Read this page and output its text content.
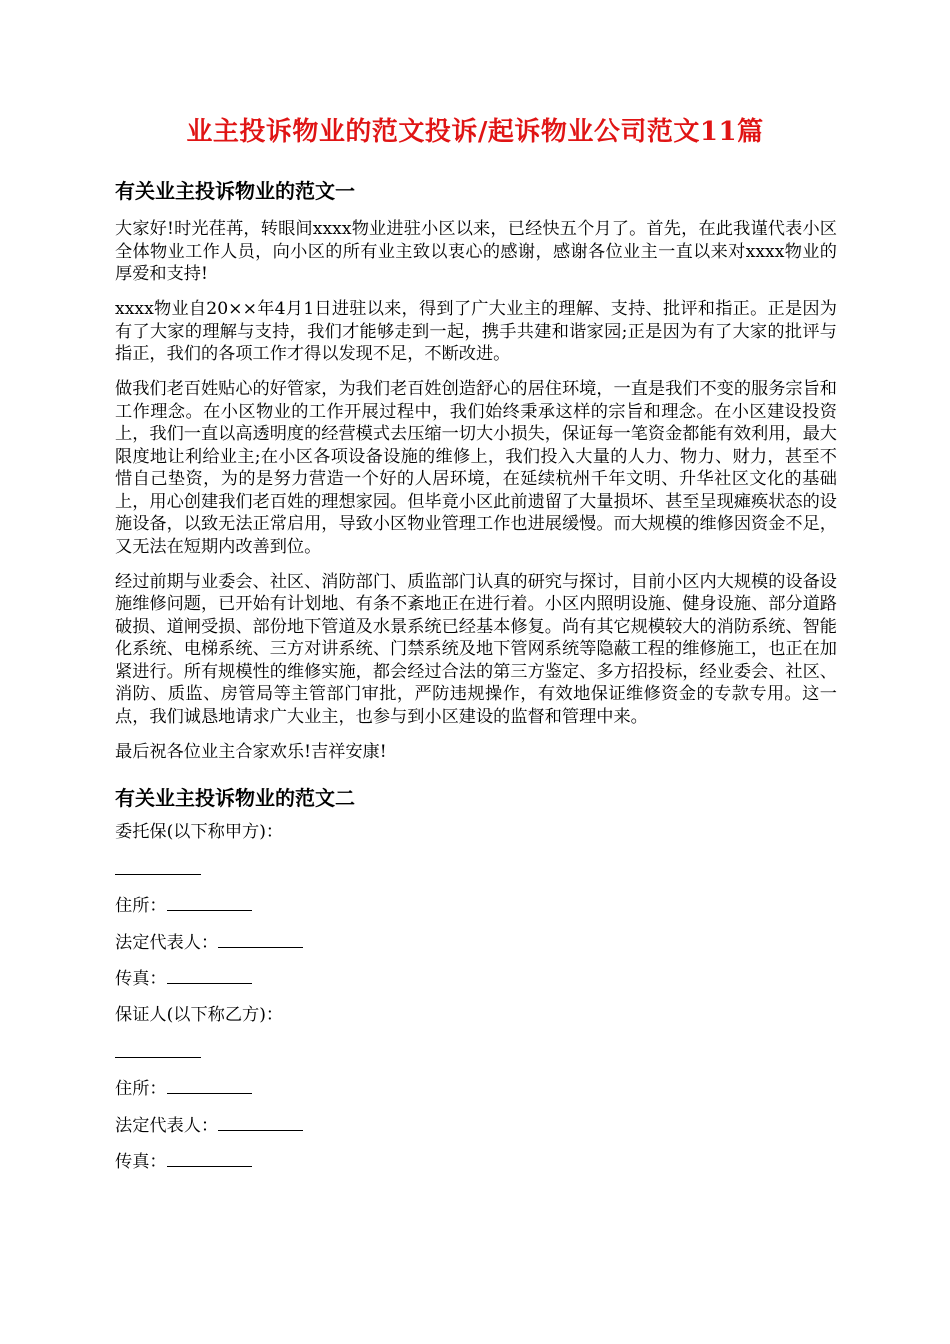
业主投诉物业的范文投诉/起诉物业公司范文11篇
有关业主投诉物业的范文一

大家好!时光荏苒，转眼间xxxx物业进驻小区以来，已经快五个月了。首先，在此我谨代表小区全体物业工作人员，向小区的所有业主致以衷心的感谢，感谢各位业主一直以来对xxxx物业的厚爱和支持!

xxxx物业自20××年4月1日进驻以来，得到了广大业主的理解、支持、批评和指正。正是因为有了大家的理解与支持，我们才能够走到一起，携手共建和谐家园;正是因为有了大家的批评与指正，我们的各项工作才得以发现不足，不断改进。

做我们老百姓贴心的好管家，为我们老百姓创造舒心的居住环境，一直是我们不变的服务宗旨和工作理念。在小区物业的工作开展过程中，我们始终秉承这样的宗旨和理念。在小区建设投资上，我们一直以高透明度的经营模式去压缩一切大小损失，保证每一笔资金都能有效利用，最大限度地让利给业主;在小区各项设备设施的维修上，我们投入大量的人力、物力、财力，甚至不惜自己垫资，为的是努力营造一个好的人居环境，在延续杭州千年文明、升华社区文化的基础上，用心创建我们老百姓的理想家园。但毕竟小区此前遗留了大量损坏、甚至呈现瘫痪状态的设施设备，以致无法正常启用，导致小区物业管理工作也进展缓慢。而大规模的维修因资金不足，又无法在短期内改善到位。

经过前期与业委会、社区、消防部门、质监部门认真的研究与探讨，目前小区内大规模的设备设施维修问题，已开始有计划地、有条不紊地正在进行着。小区内照明设施、健身设施、部分道路破损、道闸受损、部份地下管道及水景系统已经基本修复。尚有其它规模较大的消防系统、智能化系统、电梯系统、三方对讲系统、门禁系统及地下管网系统等隐蔽工程的维修施工，也正在加紧进行。所有规模性的维修实施，都会经过合法的第三方鉴定、多方招投标，经业委会、社区、消防、质监、房管局等主管部门审批，严防违规操作，有效地保证维修资金的专款专用。这一点，我们诚恳地请求广大业主，也参与到小区建设的监督和管理中来。

最后祝各位业主合家欢乐!吉祥安康!

有关业主投诉物业的范文二

委托保(以下称甲方)：

住所：

法定代表人：

传真：

保证人(以下称乙方)：

住所：

法定代表人：

传真：
